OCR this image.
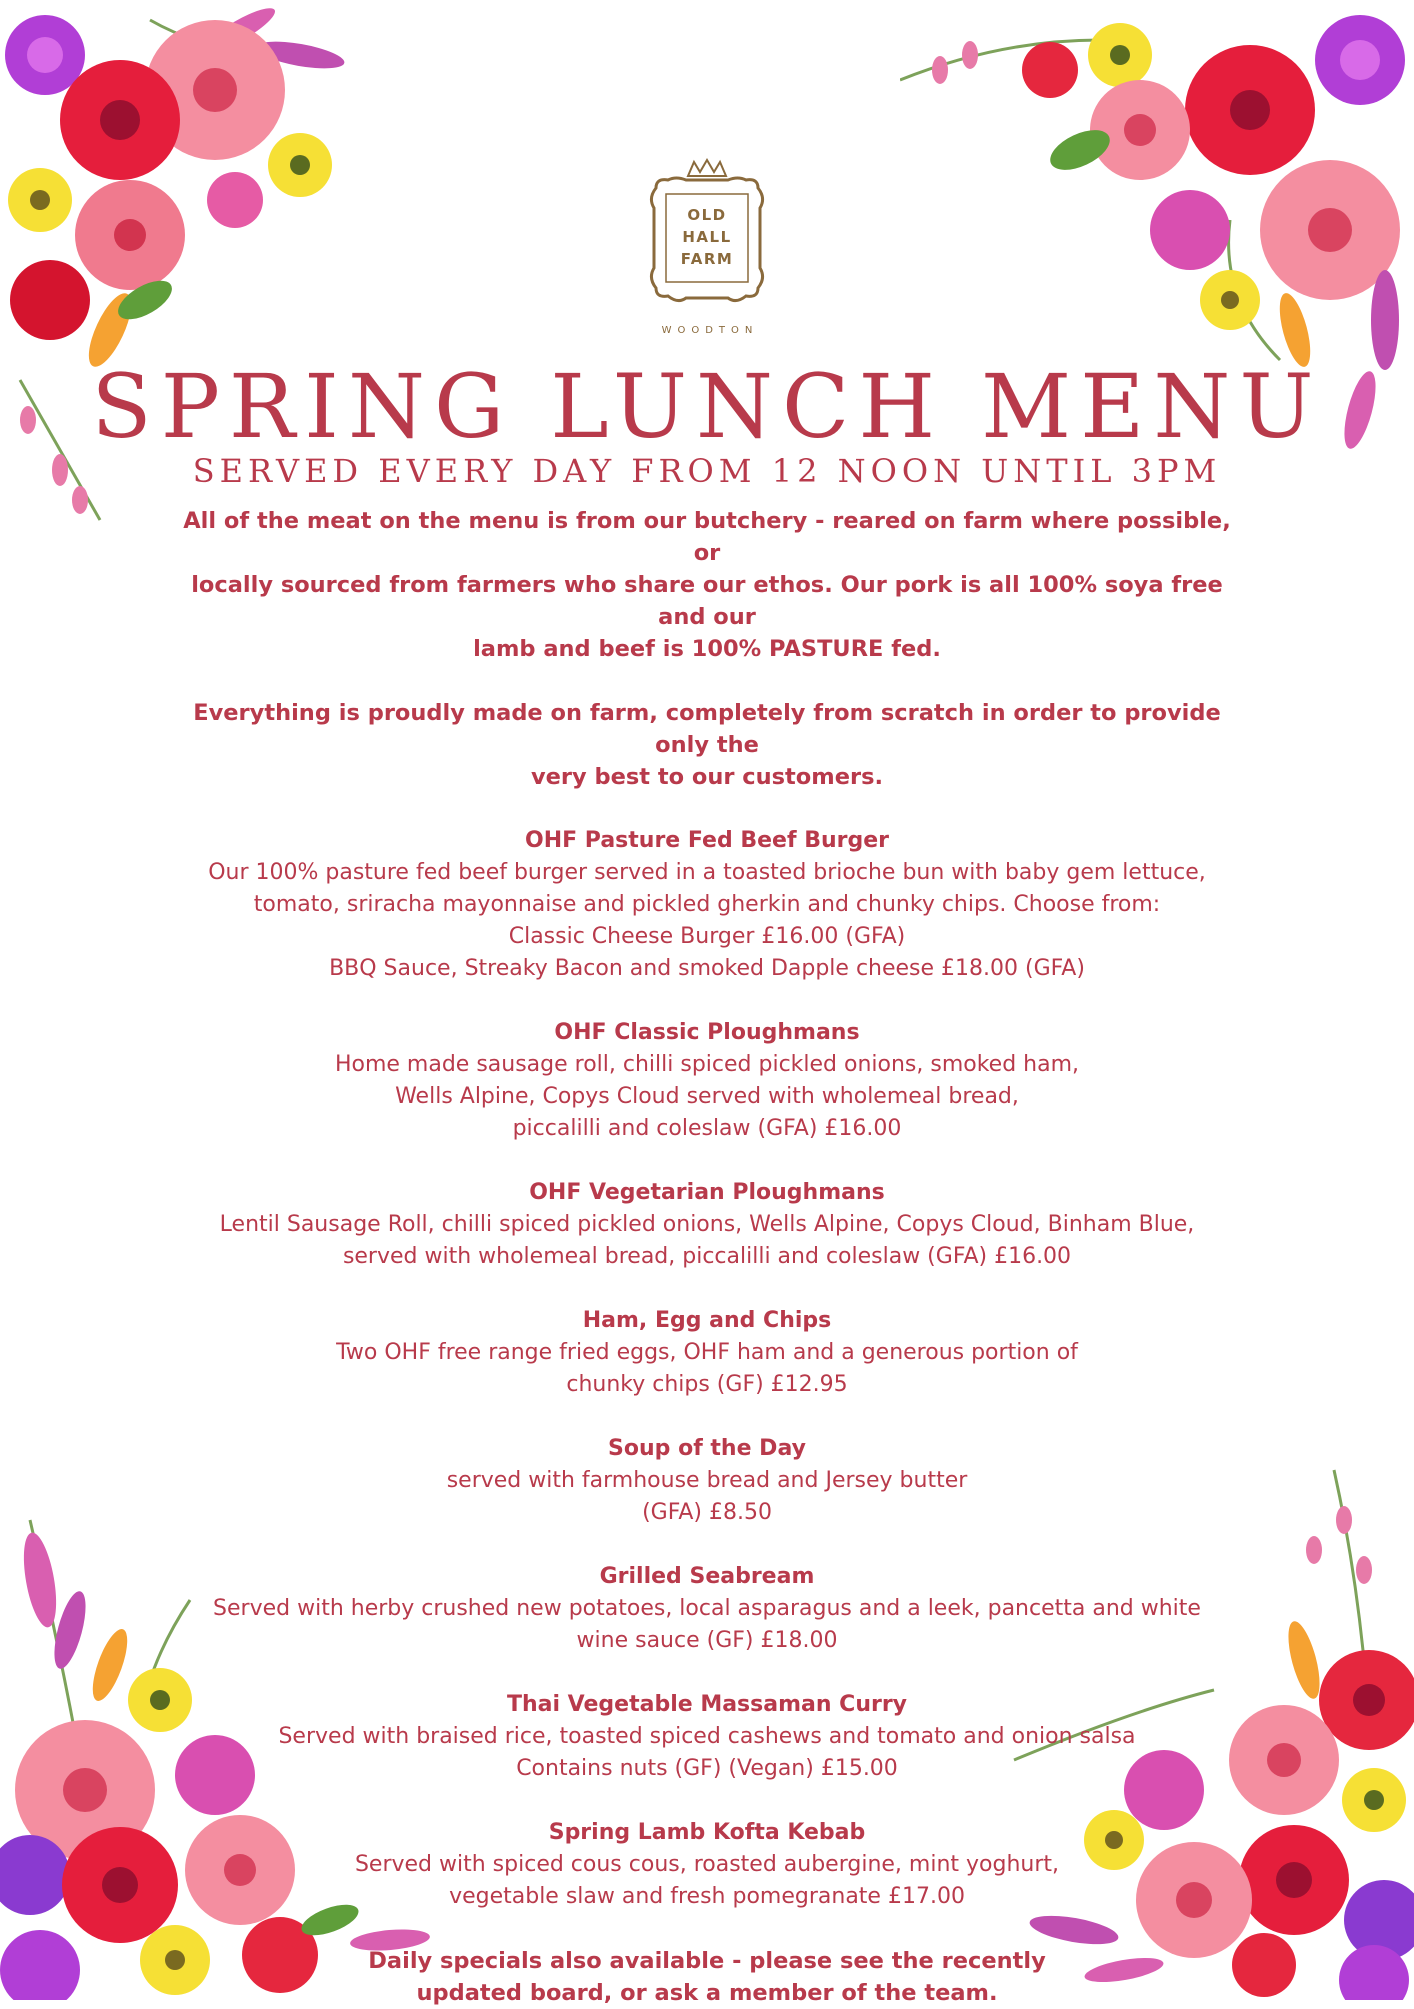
OLD
HALL
FARM
WOODTON
SPRING LUNCH MENU
SERVED EVERY DAY FROM 12 NOON UNTIL 3PM

All of the meat on the menu is from our butchery - reared on farm where possible, or

locally sourced from farmers who share our ethos. Our pork is all 100% soya free and our

lamb and beef is 100% PASTURE fed.

Everything is proudly made on farm, completely from scratch in order to provide only the

very best to our customers.

OHF Pasture Fed Beef Burger

Our 100% pasture fed beef burger served in a toasted brioche bun with baby gem lettuce,

tomato, sriracha mayonnaise and pickled gherkin and chunky chips. Choose from:

Classic Cheese Burger £16.00 (GFA)

BBQ Sauce, Streaky Bacon and smoked Dapple cheese £18.00 (GFA)

OHF Classic Ploughmans

Home made sausage roll, chilli spiced pickled onions, smoked ham,

Wells Alpine, Copys Cloud served with wholemeal bread,

piccalilli and coleslaw (GFA) £16.00

OHF Vegetarian Ploughmans

Lentil Sausage Roll, chilli spiced pickled onions, Wells Alpine, Copys Cloud, Binham Blue,

served with wholemeal bread, piccalilli and coleslaw (GFA) £16.00

Ham, Egg and Chips

Two OHF free range fried eggs, OHF ham and a generous portion of

chunky chips (GF) £12.95

Soup of the Day

served with farmhouse bread and Jersey butter

(GFA) £8.50

Grilled Seabream

Served with herby crushed new potatoes, local asparagus and a leek, pancetta and white

wine sauce (GF) £18.00

Thai Vegetable Massaman Curry

Served with braised rice, toasted spiced cashews and tomato and onion salsa

Contains nuts (GF) (Vegan) £15.00

Spring Lamb Kofta Kebab

Served with spiced cous cous, roasted aubergine, mint yoghurt,

vegetable slaw and fresh pomegranate £17.00

Daily specials also available - please see the recently

updated board, or ask a member of the team.
